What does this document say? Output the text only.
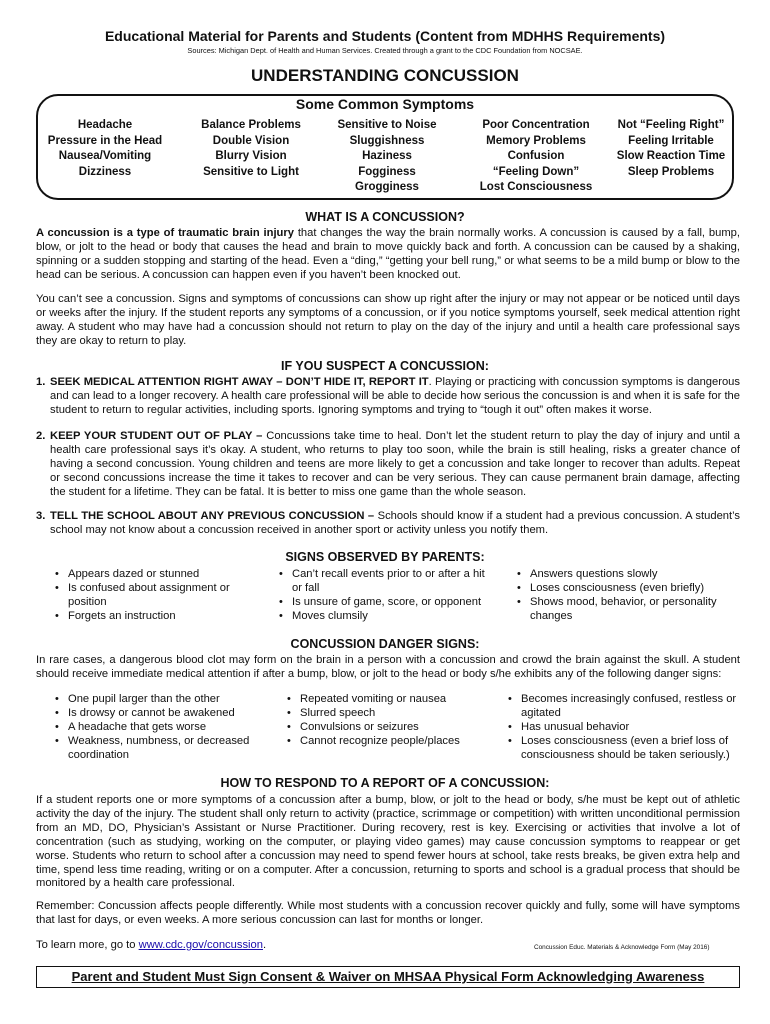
Educational Material for Parents and Students (Content from MDHHS Requirements)
Sources: Michigan Dept. of Health and Human Services. Created through a grant to the CDC Foundation from NOCSAE.
UNDERSTANDING CONCUSSION
Some Common Symptoms
Headache
Pressure in the Head
Nausea/Vomiting
Dizziness
Balance Problems
Double Vision
Blurry Vision
Sensitive to Light
Sensitive to Noise
Sluggishness
Haziness
Fogginess
Grogginess
Poor Concentration
Memory Problems
Confusion
“Feeling Down”
Lost Consciousness
Not “Feeling Right”
Feeling Irritable
Slow Reaction Time
Sleep Problems
WHAT IS A CONCUSSION?
A concussion is a type of traumatic brain injury that changes the way the brain normally works. A concussion is caused by a fall, bump, blow, or jolt to the head or body that causes the head and brain to move quickly back and forth. A concussion can be caused by a shaking, spinning or a sudden stopping and starting of the head. Even a “ding,” “getting your bell rung,” or what seems to be a mild bump or blow to the head can be serious. A concussion can happen even if you haven’t been knocked out.
You can’t see a concussion. Signs and symptoms of concussions can show up right after the injury or may not appear or be noticed until days or weeks after the injury. If the student reports any symptoms of a concussion, or if you notice symptoms yourself, seek medical attention right away. A student who may have had a concussion should not return to play on the day of the injury and until a health care professional says they are okay to return to play.
IF YOU SUSPECT A CONCUSSION:
1. SEEK MEDICAL ATTENTION RIGHT AWAY – DON’T HIDE IT, REPORT IT. Playing or practicing with concussion symptoms is dangerous and can lead to a longer recovery. A health care professional will be able to decide how serious the concussion is and when it is safe for the student to return to regular activities, including sports. Ignoring symptoms and trying to “tough it out” often makes it worse.
2. KEEP YOUR STUDENT OUT OF PLAY – Concussions take time to heal. Don’t let the student return to play the day of injury and until a health care professional says it’s okay. A student, who returns to play too soon, while the brain is still healing, risks a greater chance of having a second concussion. Young children and teens are more likely to get a concussion and take longer to recover than adults. Repeat or second concussions increase the time it takes to recover and can be very serious. They can cause permanent brain damage, affecting the student for a lifetime. They can be fatal. It is better to miss one game than the whole season.
3. TELL THE SCHOOL ABOUT ANY PREVIOUS CONCUSSION – Schools should know if a student had a previous concussion. A student’s school may not know about a concussion received in another sport or activity unless you notify them.
SIGNS OBSERVED BY PARENTS:
• Appears dazed or stunned
• Is confused about assignment or position
• Forgets an instruction
• Can’t recall events prior to or after a hit or fall
• Is unsure of game, score, or opponent
• Moves clumsily
• Answers questions slowly
• Loses consciousness (even briefly)
• Shows mood, behavior, or personality changes
CONCUSSION DANGER SIGNS:
In rare cases, a dangerous blood clot may form on the brain in a person with a concussion and crowd the brain against the skull. A student should receive immediate medical attention if after a bump, blow, or jolt to the head or body s/he exhibits any of the following danger signs:
• One pupil larger than the other
• Is drowsy or cannot be awakened
• A headache that gets worse
• Weakness, numbness, or decreased coordination
• Repeated vomiting or nausea
• Slurred speech
• Convulsions or seizures
• Cannot recognize people/places
• Becomes increasingly confused, restless or agitated
• Has unusual behavior
• Loses consciousness (even a brief loss of consciousness should be taken seriously.)
HOW TO RESPOND TO A REPORT OF A CONCUSSION:
If a student reports one or more symptoms of a concussion after a bump, blow, or jolt to the head or body, s/he must be kept out of athletic activity the day of the injury. The student shall only return to activity (practice, scrimmage or competition) with written unconditional permission from an MD, DO, Physician’s Assistant or Nurse Practitioner. During recovery, rest is key. Exercising or activities that involve a lot of concentration (such as studying, working on the computer, or playing video games) may cause concussion symptoms to reappear or get worse. Students who return to school after a concussion may need to spend fewer hours at school, take rests breaks, be given extra help and time, spend less time reading, writing or on a computer. After a concussion, returning to sports and school is a gradual process that should be monitored by a health care professional.
Remember: Concussion affects people differently. While most students with a concussion recover quickly and fully, some will have symptoms that last for days, or even weeks. A more serious concussion can last for months or longer.
To learn more, go to www.cdc.gov/concussion.	Concussion Educ. Materials & Acknowledge Form (May 2016)
Parent and Student Must Sign Consent & Waiver on MHSAA Physical Form Acknowledging Awareness
